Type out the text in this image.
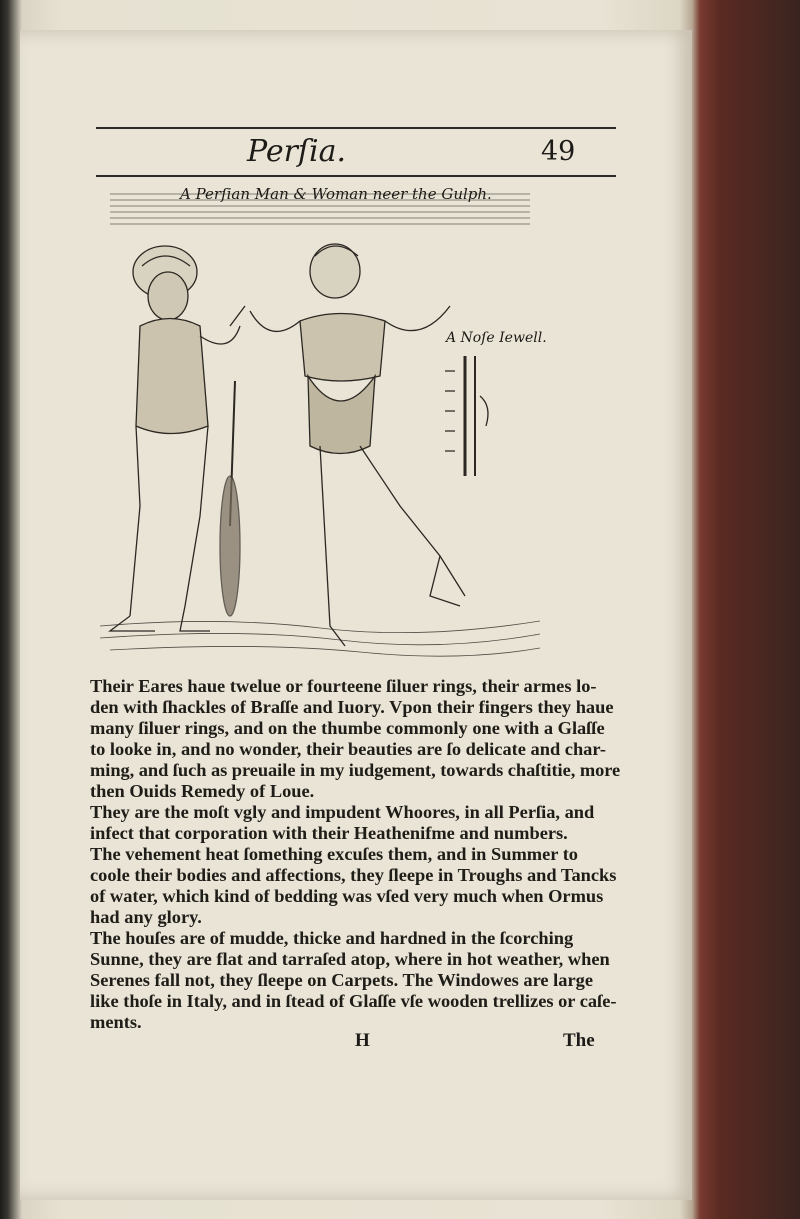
Perſia.	49
A Perſian Man & Woman neer the Gulph.
A Noſe Iewell.
Their Eares haue twelue or fourteene ſiluer rings, their armes lo-
den with ſhackles of Braſſe and Iuory. Vpon their fingers they haue
many ſiluer rings, and on the thumbe commonly one with a Glaſſe
to looke in, and no wonder, their beauties are ſo delicate and char-
ming, and ſuch as preuaile in my iudgement, towards chaſtitie, more
then Ouids Remedy of Loue.
They are the moſt vgly and impudent Whoores, in all Perſia, and
infect that corporation with their Heathenifme and numbers.
The vehement heat ſomething excuſes them, and in Summer to
coole their bodies and affections, they ſleepe in Troughs and Tancks
of water, which kind of bedding was vſed very much when Ormus
had any glory.
The houſes are of mudde, thicke and hardned in the ſcorching
Sunne, they are flat and tarraſed atop, where in hot weather, when
Serenes fall not, they ſleepe on Carpets. The Windowes are large
like thoſe in Italy, and in ſtead of Glaſſe vſe wooden trellizes or caſe-
ments.
H	The
